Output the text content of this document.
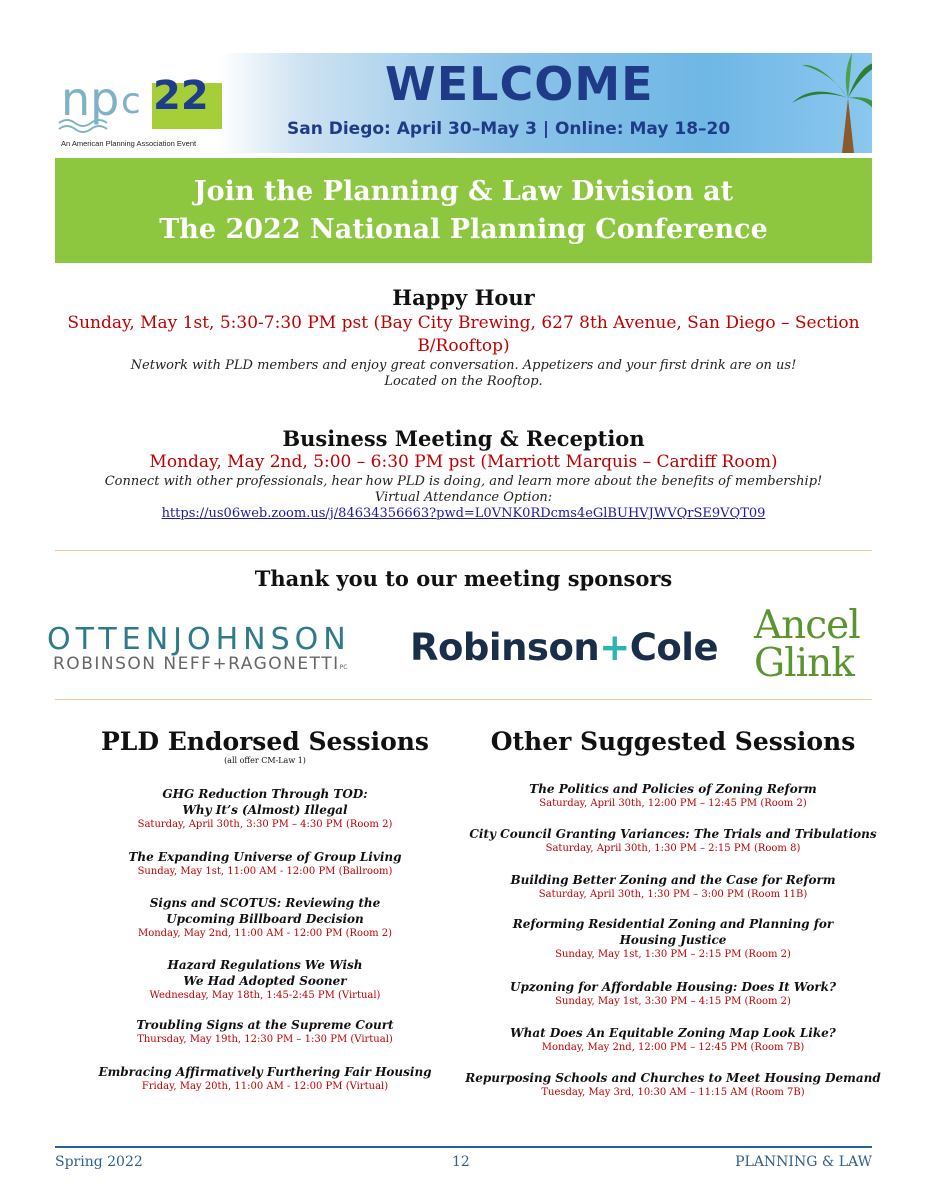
np c 22
An American Planning Association Event
WELCOME
San Diego: April 30–May 3 | Online: May 18–20
Join the Planning & Law Division at
The 2022 National Planning Conference
Happy Hour
Sunday, May 1st, 5:30-7:30 PM pst (Bay City Brewing, 627 8th Avenue, San Diego – Section
B/Rooftop)
Network with PLD members and enjoy great conversation. Appetizers and your first drink are on us!
Located on the Rooftop.
Business Meeting & Reception
Monday, May 2nd, 5:00 – 6:30 PM pst (Marriott Marquis – Cardiff Room)
Connect with other professionals, hear how PLD is doing, and learn more about the benefits of membership!
Virtual Attendance Option:
https://us06web.zoom.us/j/84634356663?pwd=L0VNK0RDcms4eGlBUHVJWVQrSE9VQT09
Thank you to our meeting sponsors
OTTENJOHNSON
ROBINSON NEFF+RAGONETTIPC Robinson+Cole Ancel
Glink
PLD Endorsed Sessions
(all offer CM-Law 1)
GHG Reduction Through TOD:
Why It’s (Almost) Illegal
Saturday, April 30th, 3:30 PM – 4:30 PM (Room 2)
The Expanding Universe of Group Living
Sunday, May 1st, 11:00 AM - 12:00 PM (Ballroom)
Signs and SCOTUS: Reviewing the
Upcoming Billboard Decision
Monday, May 2nd, 11:00 AM - 12:00 PM (Room 2)
Hazard Regulations We Wish
We Had Adopted Sooner
Wednesday, May 18th, 1:45-2:45 PM (Virtual)
Troubling Signs at the Supreme Court
Thursday, May 19th, 12:30 PM – 1:30 PM (Virtual)
Embracing Affirmatively Furthering Fair Housing
Friday, May 20th, 11:00 AM - 12:00 PM (Virtual)
Other Suggested Sessions
The Politics and Policies of Zoning Reform
Saturday, April 30th, 12:00 PM – 12:45 PM (Room 2)
City Council Granting Variances: The Trials and Tribulations
Saturday, April 30th, 1:30 PM – 2:15 PM (Room 8)
Building Better Zoning and the Case for Reform
Saturday, April 30th, 1:30 PM – 3:00 PM (Room 11B)
Reforming Residential Zoning and Planning for
Housing Justice
Sunday, May 1st, 1:30 PM – 2:15 PM (Room 2)
Upzoning for Affordable Housing: Does It Work?
Sunday, May 1st, 3:30 PM – 4:15 PM (Room 2)
What Does An Equitable Zoning Map Look Like?
Monday, May 2nd, 12:00 PM – 12:45 PM (Room 7B)
Repurposing Schools and Churches to Meet Housing Demand
Tuesday, May 3rd, 10:30 AM – 11:15 AM (Room 7B)
Spring 2022	12	PLANNING & LAW
